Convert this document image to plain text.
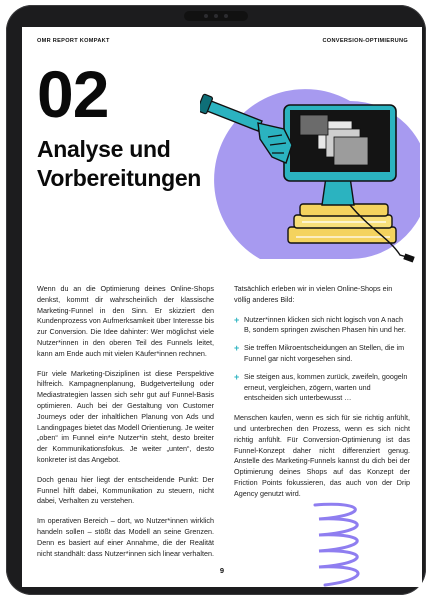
OMR REPORT KOMPAKT	CONVERSION-OPTIMIERUNG
02
Analyse und
Vorbereitungen

Wenn du an die Optimierung deines Online-Shops denkst, kommt dir wahrscheinlich der klassische Marketing-Funnel in den Sinn. Er skizziert den Kundenprozess von Aufmerksamkeit über Interesse bis zur Conversion. Die Idee dahinter: Wer möglichst viele Nutzer*innen in den oberen Teil des Funnels leitet, kann am Ende auch mit vielen Käufer*innen rechnen.

Für viele Marketing-Disziplinen ist diese Perspektive hilfreich. Kampagnenplanung, Budgetverteilung oder Mediastrategien lassen sich sehr gut auf Funnel-Basis optimieren. Auch bei der Gestaltung von Customer Journeys oder der inhaltlichen Planung von Ads und Landingpages bietet das Modell Orientierung. Je weiter „oben“ im Funnel ein*e Nutzer*in steht, desto breiter der Kommunikationsfokus. Je weiter „unten“, desto konkreter ist das Angebot.

Doch genau hier liegt der entscheidende Punkt: Der Funnel hilft dabei, Kommunikation zu steuern, nicht dabei, Verhalten zu verstehen.

Im operativen Bereich – dort, wo Nutzer*innen wirklich handeln sollen – stößt das Modell an seine Grenzen. Denn es basiert auf einer Annahme, die der Realität nicht standhält: dass Nutzer*innen sich linear verhalten.

Tatsächlich erleben wir in vielen Online-Shops ein völlig anderes Bild:

+ Nutzer*innen klicken sich nicht logisch von A nach B, sondern springen zwischen Phasen hin und her.
+ Sie treffen Mikroentscheidungen an Stellen, die im Funnel gar nicht vorgesehen sind.
+ Sie steigen aus, kommen zurück, zweifeln, googeln erneut, vergleichen, zögern, warten und entscheiden sich unterbewusst …

Menschen kaufen, wenn es sich für sie richtig anfühlt, und unterbrechen den Prozess, wenn es sich nicht richtig anfühlt. Für Conversion-Optimierung ist das Funnel-Konzept daher nicht differenziert genug. Anstelle des Marketing-Funnels kannst du dich bei der Optimierung deines Shops auf das Konzept der Friction Points fokussieren, das auch von der Drip Agency genutzt wird.

9
